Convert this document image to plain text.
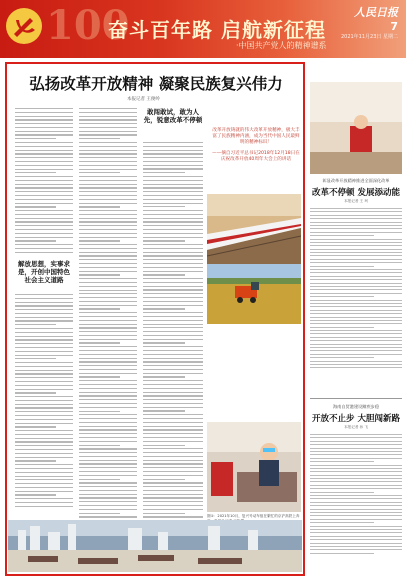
100
奋斗百年路 启航新征程
·中国共产党人的精神谱系
人民日报
7
2021年11月23日 星期二
弘扬改革开放精神 凝聚民族复兴伟力
本报记者 王俊岭
解放思想，实事求是，开创中国特色社会主义道路
敢闯敢试，敢为人先，锐意改革不停顿
改革开放铸就的伟大改革开放精神，极大丰富了民族精神内涵，成为当代中国人民最鲜明的精神标识！
——摘自习近平总书记2018年12月18日在庆祝改革开放40周年大会上的讲话
图①：2021年10月，复兴号动车组在繁忙的京沪高铁上奔
彰显改革开放精神推进全面深化改革
改革不停顿 发展添动能
本报记者 王 珂
海南自贸港建设蹄疾步稳
开放不止步 大胆闯新路
本报记者 孙 飞
